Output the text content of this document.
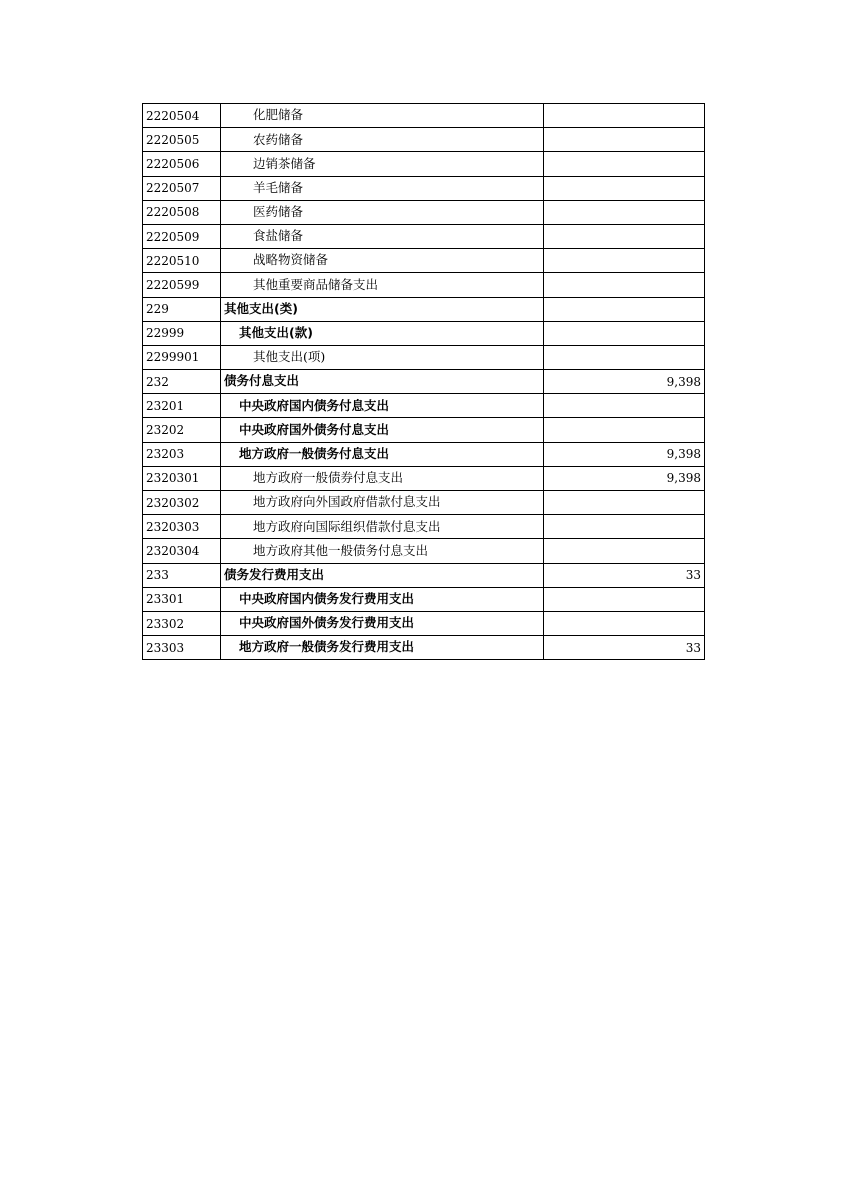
2220504	化肥储备	
2220505	农药储备	
2220506	边销茶储备	
2220507	羊毛储备	
2220508	医药储备	
2220509	食盐储备	
2220510	战略物资储备	
2220599	其他重要商品储备支出	
229	其他支出(类)	
22999	其他支出(款)	
2299901	其他支出(项)	
232	债务付息支出	9,398
23201	中央政府国内债务付息支出	
23202	中央政府国外债务付息支出	
23203	地方政府一般债务付息支出	9,398
2320301	地方政府一般债券付息支出	9,398
2320302	地方政府向外国政府借款付息支出	
2320303	地方政府向国际组织借款付息支出	
2320304	地方政府其他一般债务付息支出	
233	债务发行费用支出	33
23301	中央政府国内债务发行费用支出	
23302	中央政府国外债务发行费用支出	
23303	地方政府一般债务发行费用支出	33
